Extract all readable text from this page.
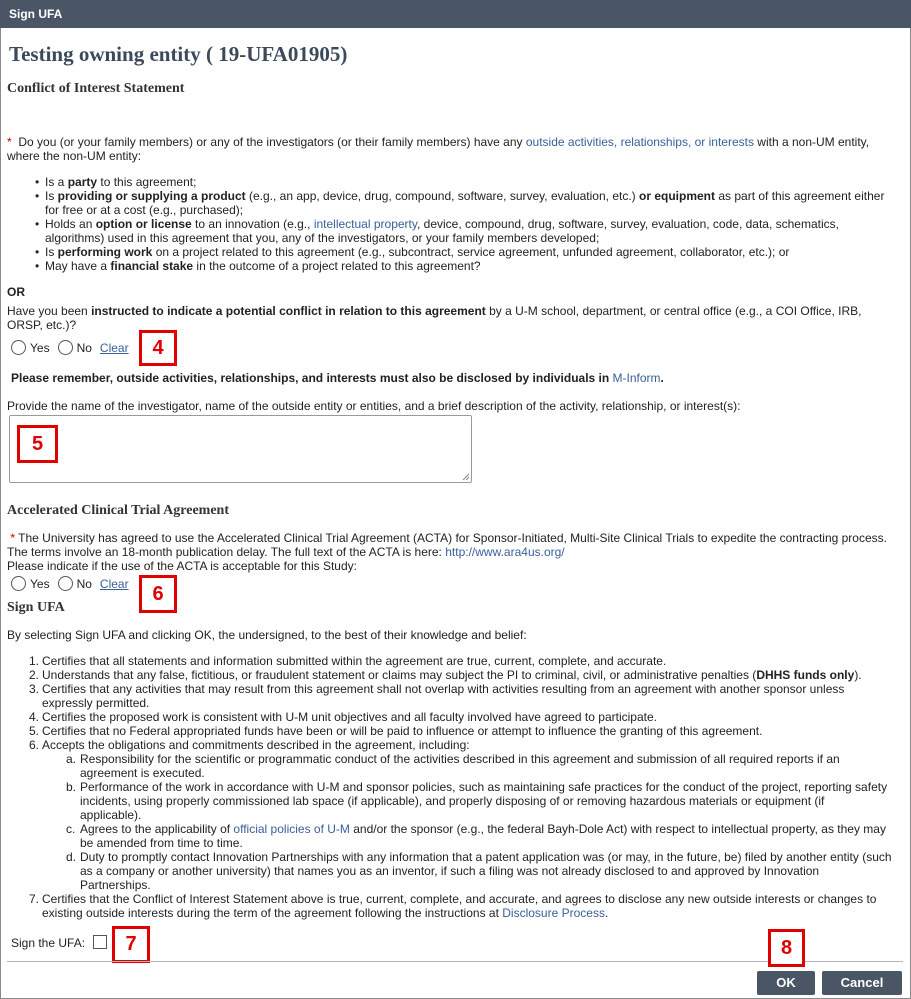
Sign UFA
Testing owning entity ( 19-UFA01905)
Conflict of Interest Statement
* Do you (or your family members) or any of the investigators (or their family members) have any outside activities, relationships, or interests with a non-UM entity,
where the non-UM entity:
• Is a party to this agreement;
• Is providing or supplying a product (e.g., an app, device, drug, compound, software, survey, evaluation, etc.) or equipment as part of this agreement either
for free or at a cost (e.g., purchased);
• Holds an option or license to an innovation (e.g., intellectual property, device, compound, drug, software, survey, evaluation, code, data, schematics,
algorithms) used in this agreement that you, any of the investigators, or your family members developed;
• Is performing work on a project related to this agreement (e.g., subcontract, service agreement, unfunded agreement, collaborator, etc.); or
• May have a financial stake in the outcome of a project related to this agreement?
OR
Have you been instructed to indicate a potential conflict in relation to this agreement by a U-M school, department, or central office (e.g., a COI Office, IRB,
ORSP, etc.)?
Yes No Clear	4
Please remember, outside activities, relationships, and interests must also be disclosed by individuals in M-Inform.
Provide the name of the investigator, name of the outside entity or entities, and a brief description of the activity, relationship, or interest(s):
5
Accelerated Clinical Trial Agreement
* The University has agreed to use the Accelerated Clinical Trial Agreement (ACTA) for Sponsor-Initiated, Multi-Site Clinical Trials to expedite the contracting process.
The terms involve an 18-month publication delay. The full text of the ACTA is here: http://www.ara4us.org/
Please indicate if the use of the ACTA is acceptable for this Study:
Yes No Clear	6
Sign UFA
By selecting Sign UFA and clicking OK, the undersigned, to the best of their knowledge and belief:
1. Certifies that all statements and information submitted within the agreement are true, current, complete, and accurate.
2. Understands that any false, fictitious, or fraudulent statement or claims may subject the PI to criminal, civil, or administrative penalties (DHHS funds only).
3. Certifies that any activities that may result from this agreement shall not overlap with activities resulting from an agreement with another sponsor unless
expressly permitted.
4. Certifies the proposed work is consistent with U-M unit objectives and all faculty involved have agreed to participate.
5. Certifies that no Federal appropriated funds have been or will be paid to influence or attempt to influence the granting of this agreement.
6. Accepts the obligations and commitments described in the agreement, including:
a. Responsibility for the scientific or programmatic conduct of the activities described in this agreement and submission of all required reports if an
agreement is executed.
b. Performance of the work in accordance with U-M and sponsor policies, such as maintaining safe practices for the conduct of the project, reporting safety
incidents, using properly commissioned lab space (if applicable), and properly disposing of or removing hazardous materials or equipment (if
applicable).
c. Agrees to the applicability of official policies of U-M and/or the sponsor (e.g., the federal Bayh-Dole Act) with respect to intellectual property, as they may
be amended from time to time.
d. Duty to promptly contact Innovation Partnerships with any information that a patent application was (or may, in the future, be) filed by another entity (such
as a company or another university) that names you as an inventor, if such a filing was not already disclosed to and approved by Innovation
Partnerships.
7. Certifies that the Conflict of Interest Statement above is true, current, complete, and accurate, and agrees to disclose any new outside interests or changes to
existing outside interests during the term of the agreement following the instructions at Disclosure Process.
Sign the UFA:	7	8
OK	Cancel
